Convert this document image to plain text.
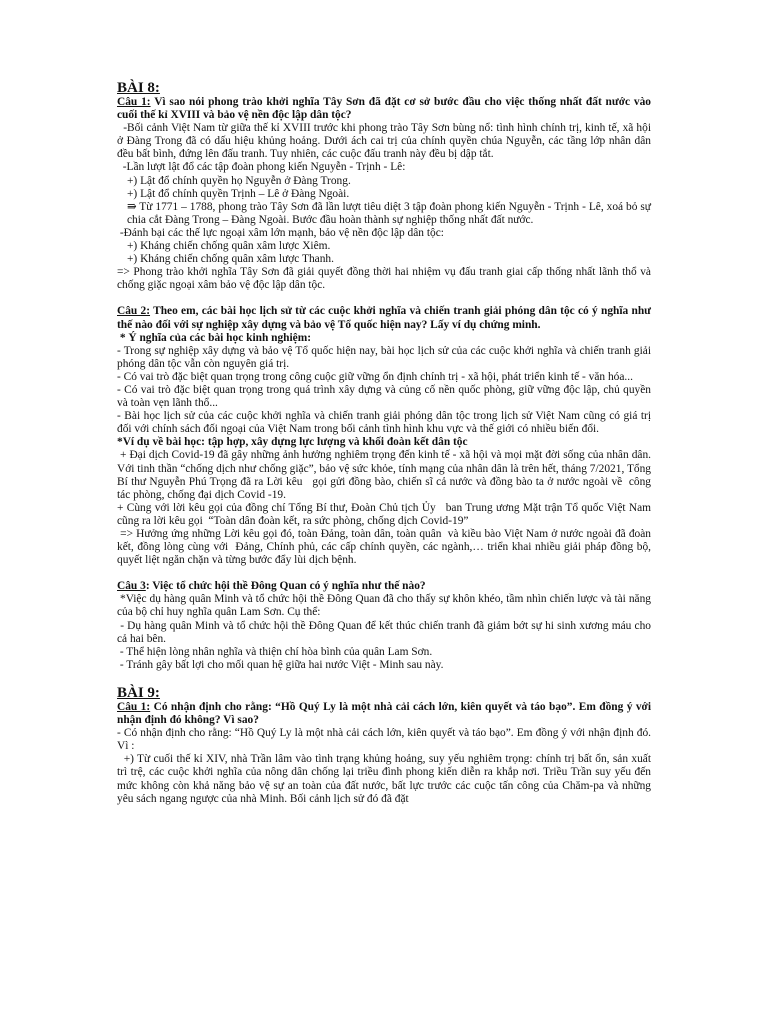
BÀI 8:

Câu 1: Vì sao nói phong trào khởi nghĩa Tây Sơn đã đặt cơ sở bước đầu cho việc thống nhất đất nước vào cuối thế kỉ XVIII và bảo vệ nền độc lập dân tộc?

-Bối cảnh Việt Nam từ giữa thế kỉ XVIII trước khi phong trào Tây Sơn bùng nổ: tình hình chính trị, kinh tế, xã hội ở Đàng Trong đã có dấu hiệu khủng hoảng. Dưới ách cai trị của chính quyền chúa Nguyễn, các tầng lớp nhân dân đều bất bình, đứng lên đấu tranh. Tuy nhiên, các cuộc đấu tranh này đều bị dập tắt.

-Lần lượt lật đổ các tập đoàn phong kiến Nguyễn - Trịnh - Lê:

+) Lật đổ chính quyền họ Nguyễn ở Đàng Trong.

+) Lật đổ chính quyền Trịnh – Lê ở Đàng Ngoài.

⇛ Từ 1771 – 1788, phong trào Tây Sơn đã lần lượt tiêu diệt 3 tập đoàn phong kiến Nguyễn - Trịnh - Lê, xoá bỏ sự chia cắt Đàng Trong – Đàng Ngoài. Bước đầu hoàn thành sự nghiệp thống nhất đất nước.

-Đánh bại các thế lực ngoại xâm lớn mạnh, bảo vệ nền độc lập dân tộc:

+) Kháng chiến chống quân xâm lược Xiêm.

+) Kháng chiến chống quân xâm lược Thanh.

=> Phong trào khởi nghĩa Tây Sơn đã giải quyết đồng thời hai nhiệm vụ đấu tranh giai cấp thống nhất lãnh thổ và chống giặc ngoại xâm bảo vệ độc lập dân tộc.

Câu 2: Theo em, các bài học lịch sử từ các cuộc khởi nghĩa và chiến tranh giải phóng dân tộc có ý nghĩa như thế nào đối với sự nghiệp xây dựng và bảo vệ Tổ quốc hiện nay? Lấy ví dụ chứng minh.

* Ý nghĩa của các bài học kinh nghiệm:

- Trong sự nghiệp xây dựng và bảo vệ Tổ quốc hiện nay, bài học lịch sử của các cuộc khởi nghĩa và chiến tranh giải phóng dân tộc vẫn còn nguyên giá trị.

- Có vai trò đặc biệt quan trọng trong công cuộc giữ vững ổn định chính trị - xã hội, phát triển kinh tế - văn hóa...

- Có vai trò đặc biệt quan trọng trong quá trình xây dựng và củng cố nền quốc phòng, giữ vững độc lập, chủ quyền và toàn vẹn lãnh thổ...

- Bài học lịch sử của các cuộc khởi nghĩa và chiến tranh giải phóng dân tộc trong lịch sử Việt Nam cũng có giá trị đối với chính sách đối ngoại của Việt Nam trong bối cảnh tình hình khu vực và thế giới có nhiều biến đổi.

*Ví dụ về bài học: tập hợp, xây dựng lực lượng và khối đoàn kết dân tộc

+ Đại dịch Covid-19 đã gây những ảnh hưởng nghiêm trọng đến kinh tế - xã hội và mọi mặt đời sống của nhân dân. Với tinh thần “chống dịch như chống giặc”, bảo vệ sức khỏe, tính mạng của nhân dân là trên hết, tháng 7/2021, Tổng Bí thư Nguyễn Phú Trọng đã ra Lời kêu   gọi gửi đồng bào, chiến sĩ cả nước và đồng bào ta ở nước ngoài về  công tác phòng, chống đại dịch Covid -19.

+ Cùng với lời kêu gọi của đồng chí Tổng Bí thư, Đoàn Chủ tịch Ủy   ban Trung ương Mặt trận Tổ quốc Việt Nam cũng ra lời kêu gọi  “Toàn dân đoàn kết, ra sức phòng, chống dịch Covid-19”

=> Hưởng ứng những Lời kêu gọi đó, toàn Đảng, toàn dân, toàn quân  và kiều bào Việt Nam ở nước ngoài đã đoàn kết, đồng lòng cùng với  Đảng, Chính phủ, các cấp chính quyền, các ngành,… triển khai nhiều giải pháp đồng bộ, quyết liệt ngăn chặn và từng bước đẩy lùi dịch bệnh.

Câu 3: Việc tổ chức hội thề Đông Quan có ý nghĩa như thế nào?

*Việc dụ hàng quân Minh và tổ chức hội thề Đông Quan đã cho thấy sự khôn khéo, tầm nhìn chiến lược và tài năng của bộ chỉ huy nghĩa quân Lam Sơn. Cụ thể:

- Dụ hàng quân Minh và tổ chức hội thề Đông Quan để kết thúc chiến tranh đã giảm bớt sự hi sinh xương máu cho cả hai bên.

- Thể hiện lòng nhân nghĩa và thiện chí hòa bình của quân Lam Sơn.

- Tránh gây bất lợi cho mối quan hệ giữa hai nước Việt - Minh sau này.

BÀI 9:

Câu 1: Có nhận định cho rằng: “Hồ Quý Ly là một nhà cải cách lớn, kiên quyết và táo bạo”. Em đồng ý với nhận định đó không? Vì sao?

- Có nhận định cho rằng: “Hồ Quý Ly là một nhà cải cách lớn, kiên quyết và táo bạo”. Em đồng ý với nhận định đó. Vì :

+) Từ cuối thế kỉ XIV, nhà Trần lâm vào tình trạng khủng hoảng, suy yếu nghiêm trọng: chính trị bất ổn, sản xuất trì trệ, các cuộc khởi nghĩa của nông dân chống lại triều đình phong kiến diễn ra khắp nơi. Triều Trần suy yếu đến mức không còn khả năng bảo vệ sự an toàn của đất nước, bất lực trước các cuộc tấn công của Chăm-pa và những yêu sách ngang ngược của nhà Minh. Bối cảnh lịch sử đó đã đặt
